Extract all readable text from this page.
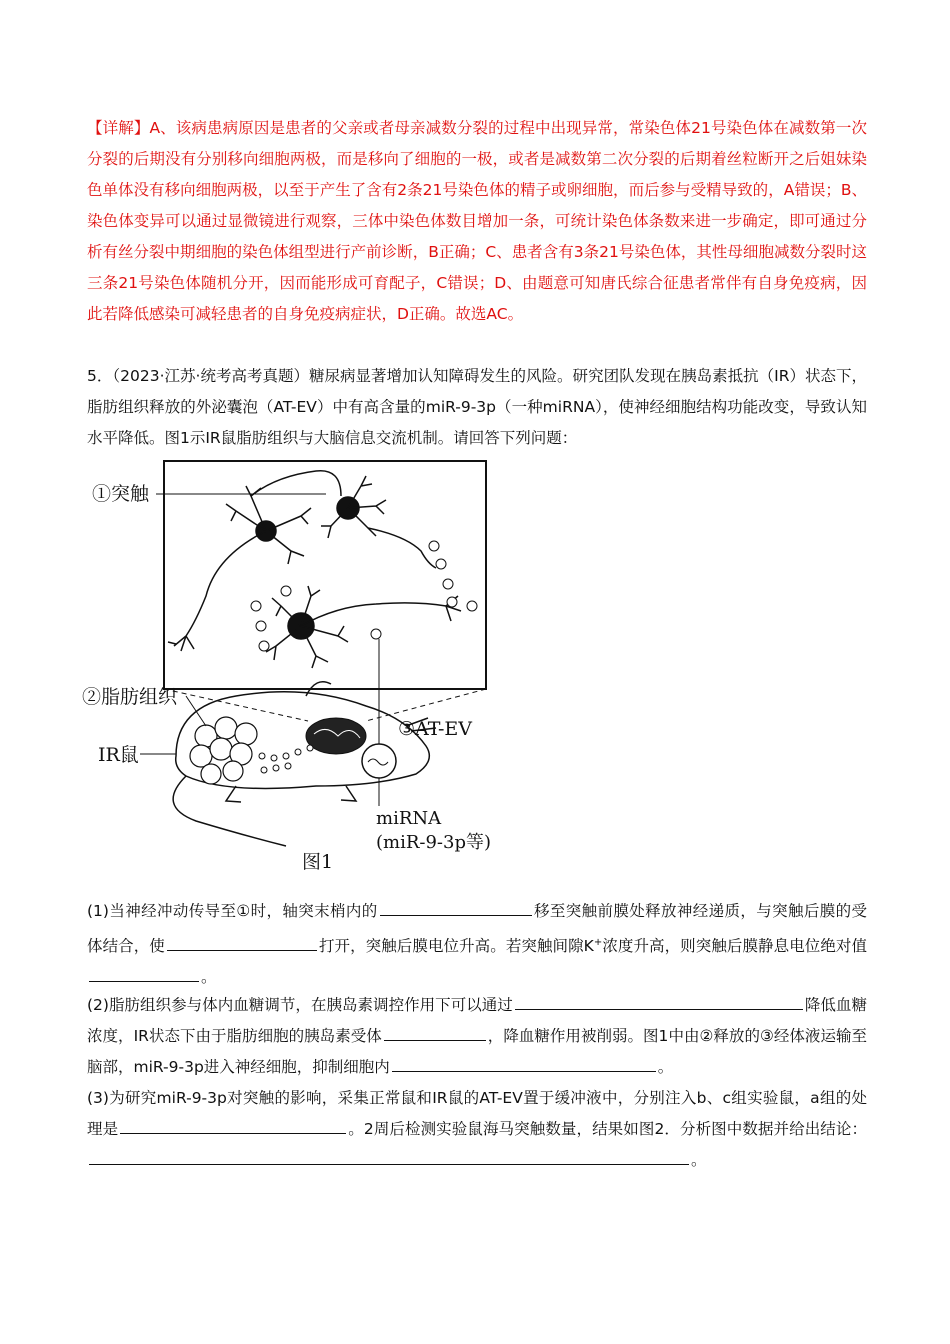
【详解】A、该病患病原因是患者的父亲或者母亲减数分裂的过程中出现异常，常染色体21号染色体在减数第一次分裂的后期没有分别移向细胞两极，而是移向了细胞的一极，或者是减数第二次分裂的后期着丝粒断开之后姐妹染色单体没有移向细胞两极，以至于产生了含有2条21号染色体的精子或卵细胞，而后参与受精导致的，A错误；B、染色体变异可以通过显微镜进行观察，三体中染色体数目增加一条，可统计染色体条数来进一步确定，即可通过分析有丝分裂中期细胞的染色体组型进行产前诊断，B正确；C、患者含有3条21号染色体，其性母细胞减数分裂时这三条21号染色体随机分开，因而能形成可育配子，C错误；D、由题意可知唐氏综合征患者常伴有自身免疫病，因此若降低感染可减轻患者的自身免疫病症状，D正确。故选AC。

5．（2023·江苏·统考高考真题）糖尿病显著增加认知障碍发生的风险。研究团队发现在胰岛素抵抗（IR）状态下，脂肪组织释放的外泌囊泡（AT-EV）中有高含量的miR-9-3p（一种miRNA），使神经细胞结构功能改变，导致认知水平降低。图1示IR鼠脂肪组织与大脑信息交流机制。请回答下列问题：

①突触
②脂肪组织
③AT-EV
IR鼠
miRNA
(miR-9-3p等)
图1

(1)当神经冲动传导至①时，轴突末梢内的	移至突触前膜处释放神经递质，与突触后膜的受体结合，使	打开，突触后膜电位升高。若突触间隙K+浓度升高，则突触后膜静息电位绝对值。

(2)脂肪组织参与体内血糖调节，在胰岛素调控作用下可以通过	降低血糖浓度，IR状态下由于脂肪细胞的胰岛素受体	，降血糖作用被削弱。图1中由②释放的③经体液运输至脑部，miR-9-3p进入神经细胞，抑制细胞内	。

(3)为研究miR-9-3p对突触的影响，采集正常鼠和IR鼠的AT-EV置于缓冲液中，分别注入b、c组实验鼠，a组的处理是	。2周后检测实验鼠海马突触数量，结果如图2．分析图中数据并给出结论：。
